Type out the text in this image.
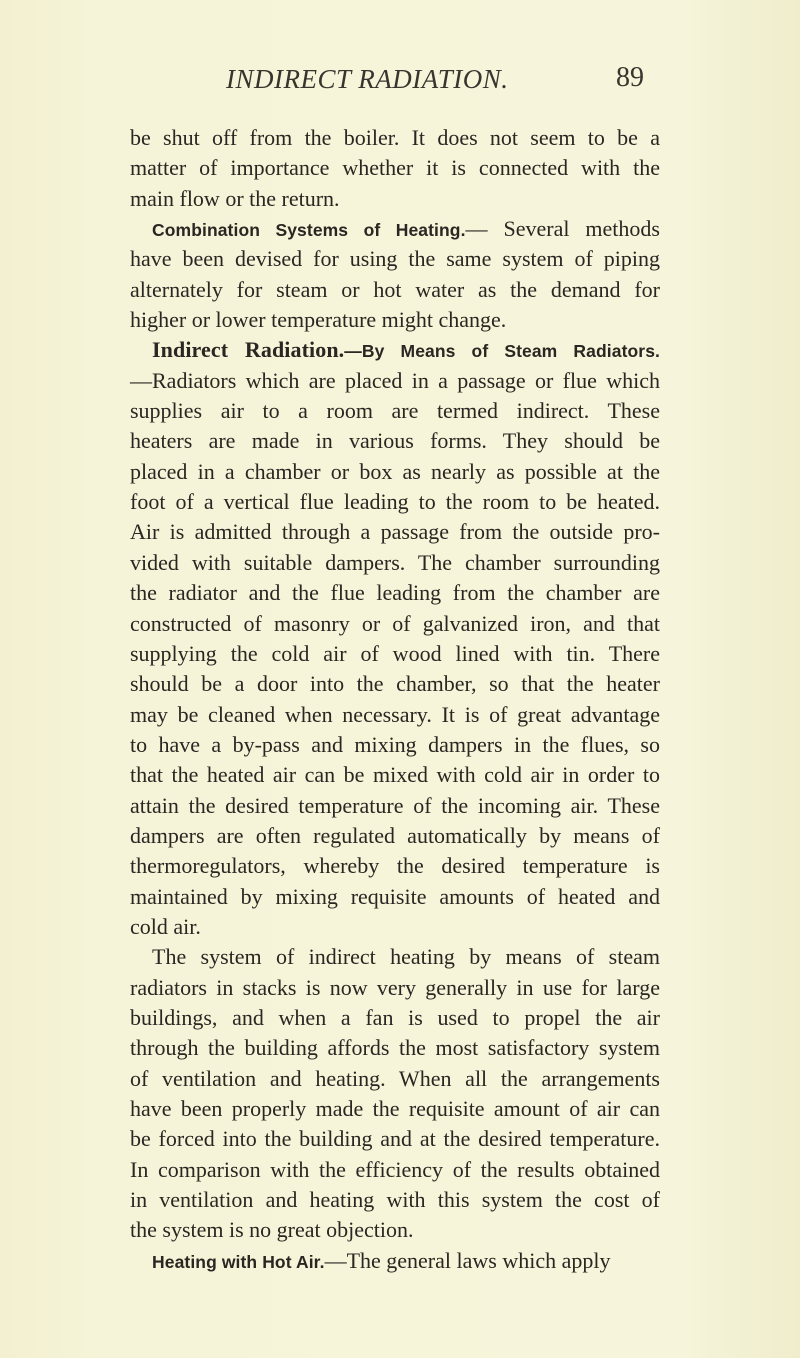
INDIRECT RADIATION.	89
be shut off from the boiler. It does not seem to be a
matter of importance whether it is connected with the
main flow or the return.
Combination Systems of Heating.— Several methods
have been devised for using the same system of piping
alternately for steam or hot water as the demand for
higher or lower temperature might change.
Indirect Radiation.—By Means of Steam Radiators.
—Radiators which are placed in a passage or flue which
supplies air to a room are termed indirect. These
heaters are made in various forms. They should be
placed in a chamber or box as nearly as possible at the
foot of a vertical flue leading to the room to be heated.
Air is admitted through a passage from the outside pro-
vided with suitable dampers. The chamber surrounding
the radiator and the flue leading from the chamber are
constructed of masonry or of galvanized iron, and that
supplying the cold air of wood lined with tin. There
should be a door into the chamber, so that the heater
may be cleaned when necessary. It is of great advantage
to have a by-pass and mixing dampers in the flues, so
that the heated air can be mixed with cold air in order to
attain the desired temperature of the incoming air. These
dampers are often regulated automatically by means of
thermoregulators, whereby the desired temperature is
maintained by mixing requisite amounts of heated and
cold air.
The system of indirect heating by means of steam
radiators in stacks is now very generally in use for large
buildings, and when a fan is used to propel the air
through the building affords the most satisfactory system
of ventilation and heating. When all the arrangements
have been properly made the requisite amount of air can
be forced into the building and at the desired temperature.
In comparison with the efficiency of the results obtained
in ventilation and heating with this system the cost of
the system is no great objection.
Heating with Hot Air.—The general laws which apply
